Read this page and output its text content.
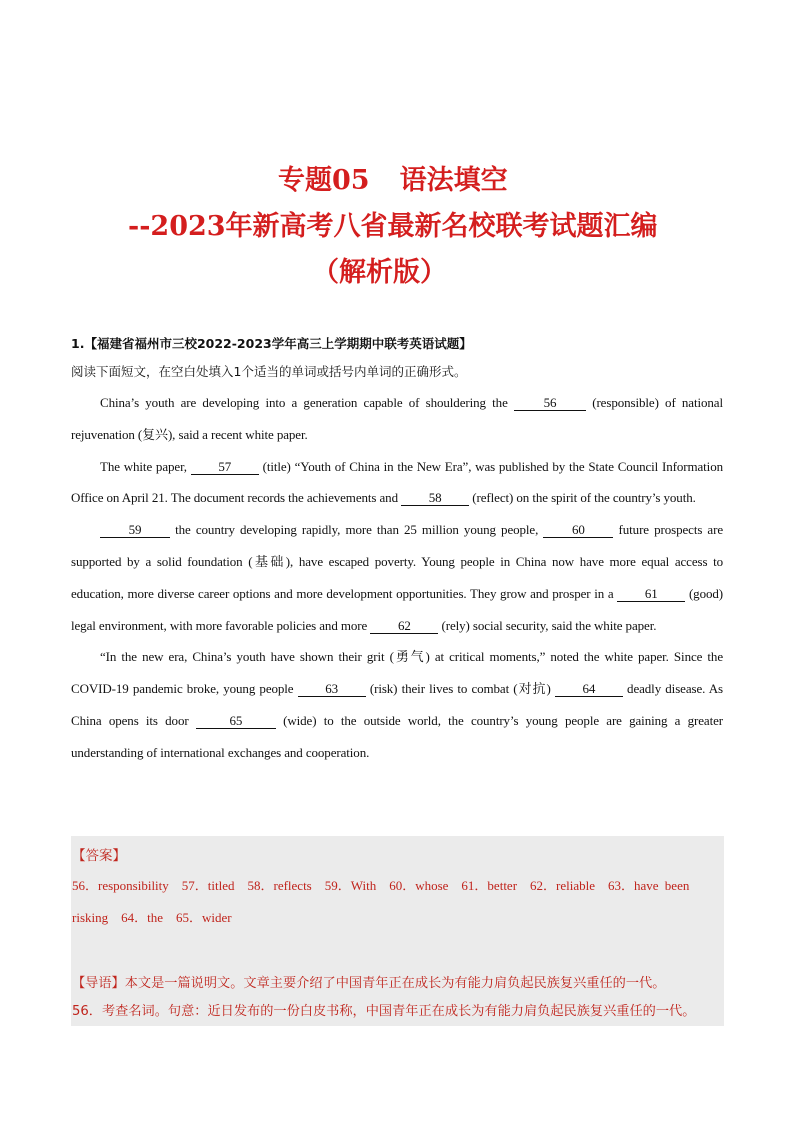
专题05 语法填空
--2023年新高考八省最新名校联考试题汇编
（解析版）

1.【福建省福州市三校2022-2023学年高三上学期期中联考英语试题】

阅读下面短文，在空白处填入1个适当的单词或括号内单词的正确形式。

China’s youth are developing into a generation capable of shouldering the 56 (responsible) of national rejuvenation (复兴), said a recent white paper.

The white paper, 57 (title) “Youth of China in the New Era”, was published by the State Council Information Office on April 21. The document records the achievements and 58 (reflect) on the spirit of the country’s youth.

59 the country developing rapidly, more than 25 million young people, 60 future prospects are supported by a solid foundation (基础), have escaped poverty. Young people in China now have more equal access to education, more diverse career options and more development opportunities. They grow and prosper in a 61 (good) legal environment, with more favorable policies and more 62 (rely) social security, said the white paper.

“In the new era, China’s youth have shown their grit (勇气) at critical moments,” noted the white paper. Since the COVID-19 pandemic broke, young people 63 (risk) their lives to combat (对抗) 64 deadly disease. As China opens its door	65	(wide) to the outside world, the country’s young people are gaining a greater understanding of international exchanges and cooperation.

【答案】
56．responsibility　57．titled　58．reflects　59．With　60．whose　61．better　62．reliable　63．have been risking　64．the　65．wider

【导语】本文是一篇说明文。文章主要介绍了中国青年正在成长为有能力肩负起民族复兴重任的一代。

56．考查名词。句意：近日发布的一份白皮书称，中国青年正在成长为有能力肩负起民族复兴重任的一代。
